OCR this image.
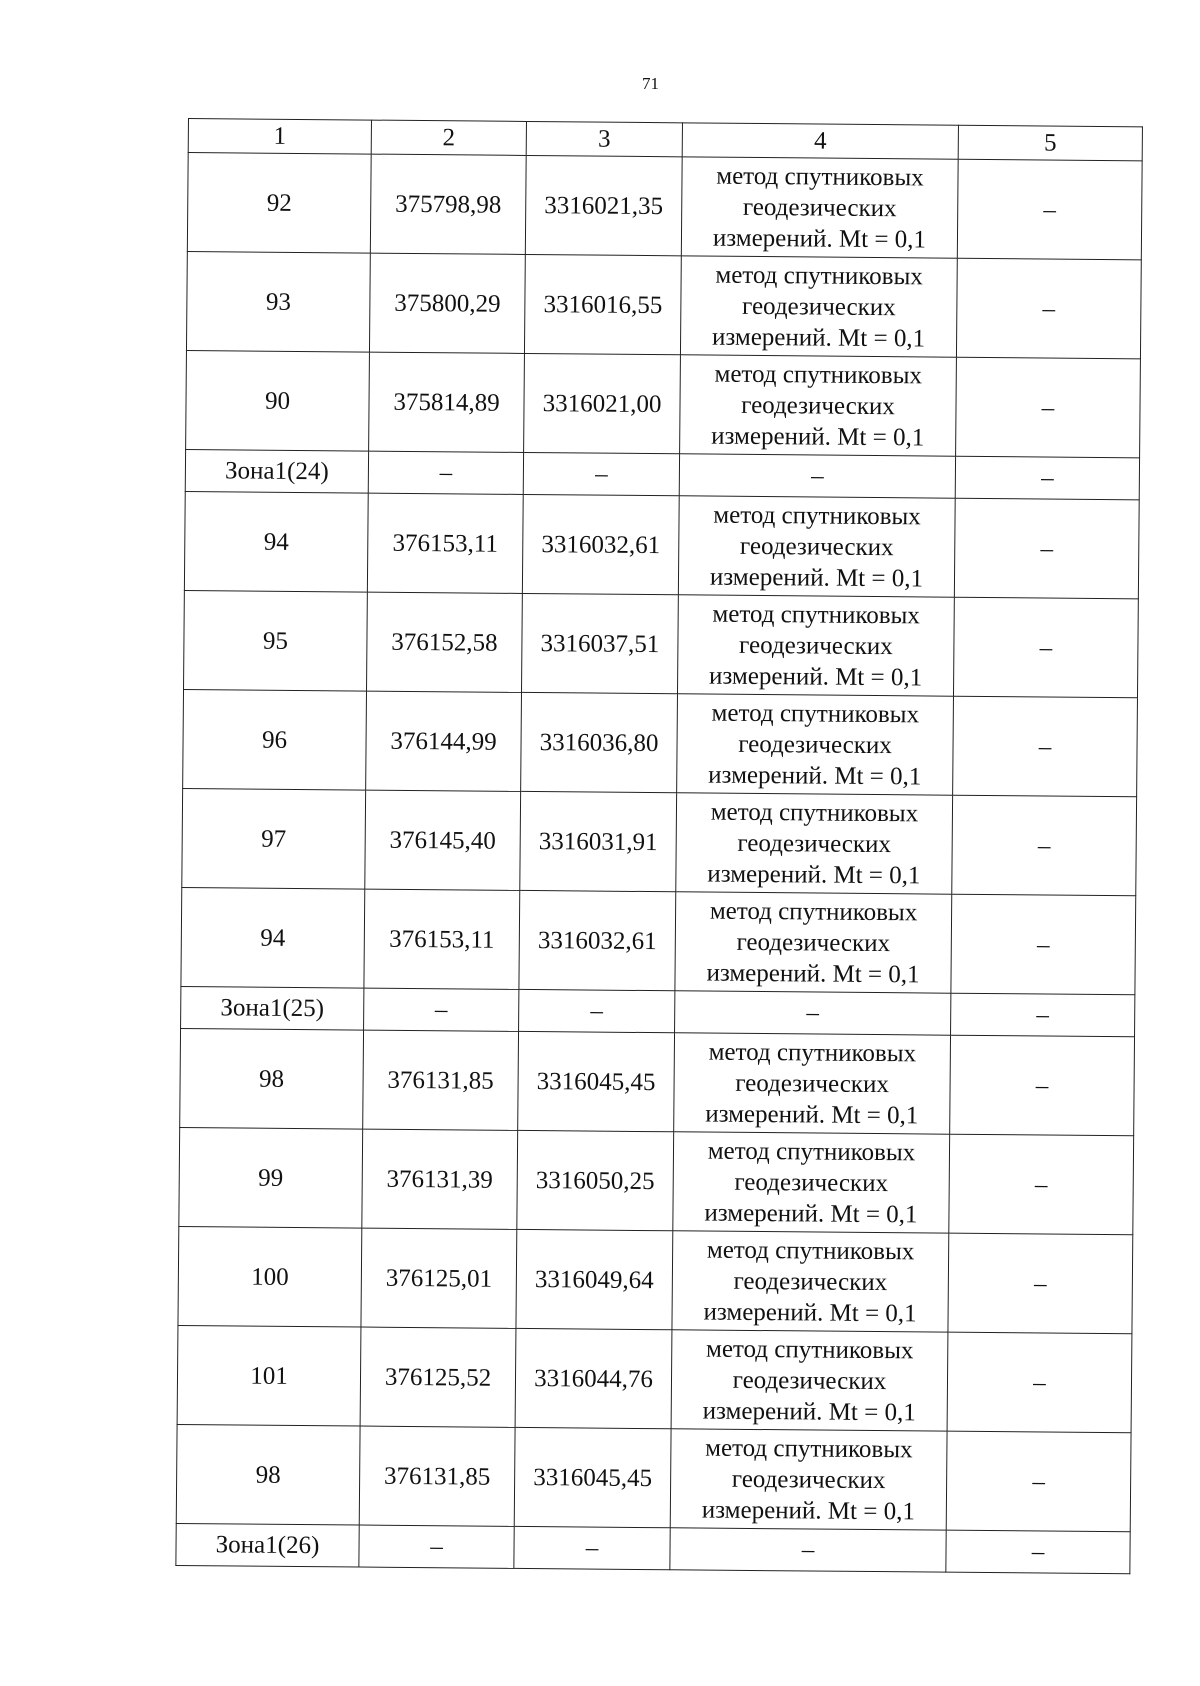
71
1	2	3	4	5
92	375798,98	3316021,35	метод спутниковых
геодезических
измерений. Mt = 0,1	–
93	375800,29	3316016,55	метод спутниковых
геодезических
измерений. Mt = 0,1	–
90	375814,89	3316021,00	метод спутниковых
геодезических
измерений. Mt = 0,1	–
Зона1(24)	–	–	–	–
94	376153,11	3316032,61	метод спутниковых
геодезических
измерений. Mt = 0,1	–
95	376152,58	3316037,51	метод спутниковых
геодезических
измерений. Mt = 0,1	–
96	376144,99	3316036,80	метод спутниковых
геодезических
измерений. Mt = 0,1	–
97	376145,40	3316031,91	метод спутниковых
геодезических
измерений. Mt = 0,1	–
94	376153,11	3316032,61	метод спутниковых
геодезических
измерений. Mt = 0,1	–
Зона1(25)	–	–	–	–
98	376131,85	3316045,45	метод спутниковых
геодезических
измерений. Mt = 0,1	–
99	376131,39	3316050,25	метод спутниковых
геодезических
измерений. Mt = 0,1	–
100	376125,01	3316049,64	метод спутниковых
геодезических
измерений. Mt = 0,1	–
101	376125,52	3316044,76	метод спутниковых
геодезических
измерений. Mt = 0,1	–
98	376131,85	3316045,45	метод спутниковых
геодезических
измерений. Mt = 0,1	–
Зона1(26)	–	–	–	–
